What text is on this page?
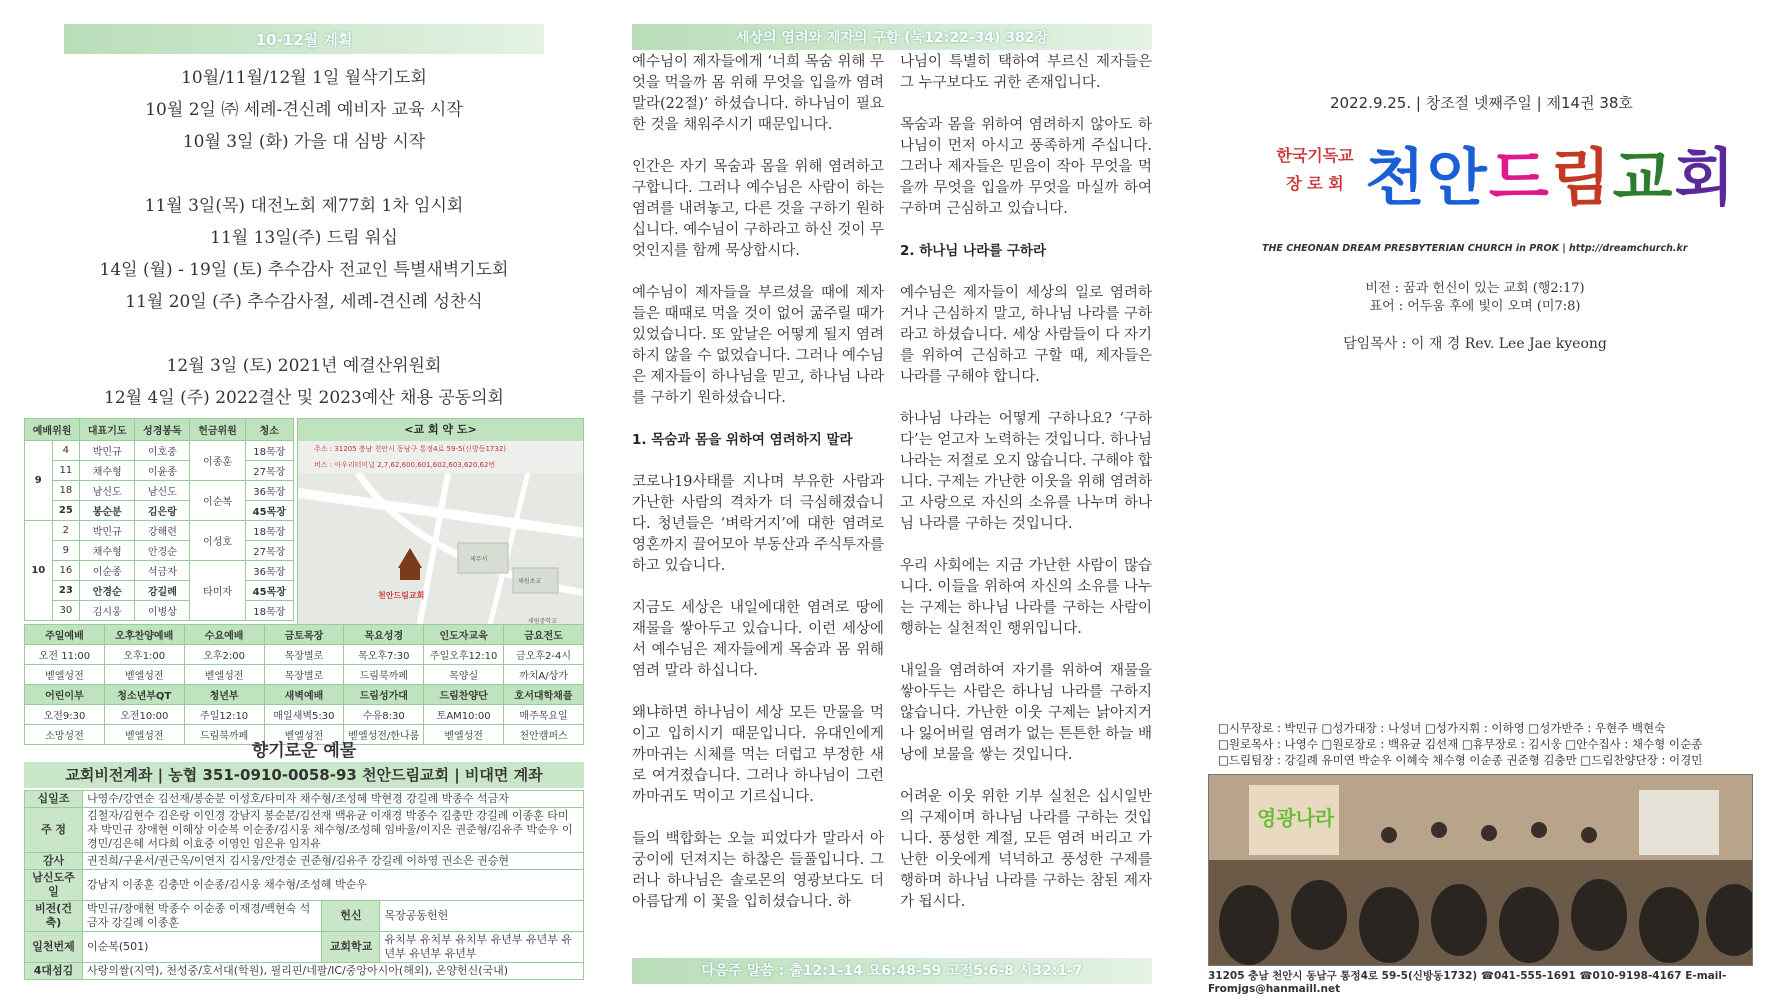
10-12월 계획
10월/11월/12월 1일 월삭기도회
10월 2일 ㈜ 세례-견신례 예비자 교육 시작
10월 3일 (화) 가을 대 심방 시작
11월 3일(목) 대전노회 제77회 1차 임시회
11월 13일(주) 드림 워십
14일 (월) - 19일 (토) 추수감사 전교인 특별새벽기도회
11월 20일 (주) 추수감사절, 세례-견신례 성찬식
12월 3일 (토) 2021년 예결산위원회
12월 4일 (주) 2022결산 및 2023예산 채용 공동의회
예배위원		대표기도	성경봉독	헌금위원	청소
9	4	박민규	이호중	이종훈	18목장
	11	채수형	이윤종		27목장
	18	남신도	남신도	이순복	36목장
	25	봉순분	김은랑		45목장
10	2	박민규	강해련	이성호	18목장
	9	채수형	안경순		27목장
	16	이순종	석금자	타미자	36목장
	23	안경순	강길례		45목장
	30	김시웅	이병상		18목장
<교 회 약 도>
주소 : 31205 충남 천안시 동남구 통정4로 59-5(신방동1732)
버스 : 아우리터미널 2,7,62,600,601,602,603,620,62번
세무서
세원초교
세림중학교
천안드림교회
주일예배	오후찬양예배	수요예배	금토목장	목요성경	인도자교육	금요전도
오전 11:00	오후1:00	오후2:00	목장별로	목오후7:30	주일오후12:10	금오후2-4시
벧엘성전	벧엘성전	벧엘성전	목장별로	드림북까페	목양실	까치A/상가
어린이부	청소년부QT	청년부	새벽예배	드림성가대	드림찬양단	호서대학채플
오전9:30	오전10:00	주일12:10	매일새벽5:30	수유8:30	토AM10:00	매주목요일
소망성전	벧엘성전	드림북까페	벧엘성전	벧엘성전/한나룸	벧엘성전	천안캠퍼스
향기로운 예물
교회비전계좌 | 농협 351-0910-0058-93 천안드림교회 | 비대면 계좌
십일조	나영수/강연순 김선재/봉순분 이성호/타미자 채수형/조성혜 박현경 강길례 박종수 석금자		
주 정	김철자/김현수 김은랑 이인경 강남지 봉순분/김선재 백유균 이재경 박종수 김충만 강길례 이종훈 타미자 박민규 장애현 이혜상 이순복 이순종/김시웅 채수형/조성혜 임바울/이지은 권준형/김유주 박순우 이경민/김은혜 서다희 이효중 이영인 임은유 임지유		
감사	권진희/구윤서/권근옥/이연지 김시웅/안경순 권준형/김유주 강길례 이하영 권소은 권승현		
남신도주일	강남지 이종훈 김충만 이순종/김시웅 채수형/조성혜 박순우		
비전(건축)	박민규/장애현 박종수 이순종 이재경/백현숙 석금자 강길례 이종훈	헌신	목장공동헌헌
일천번제	이순복(501)	교회학교	유치부 유치부 유치부 유년부 유년부 유년부 유년부 유년부
4대섬김	사랑의쌀(지역), 천성중/호서대(학원), 필리핀/네팔/IC/중앙아시아(해외), 온양헌신(국내)		
세상의 염려와 제자의 구함 (눅12:22-34) 382장

예수님이 제자들에게 ‘너희 목숨 위해 무엇을 먹을까 몸 위해 무엇을 입을까 염려 말라(22절)’ 하셨습니다. 하나님이 필요한 것을 채워주시기 때문입니다.

인간은 자기 목숨과 몸을 위해 염려하고 구합니다. 그러나 예수님은 사람이 하는 염려를 내려놓고, 다른 것을 구하기 원하십니다. 예수님이 구하라고 하신 것이 무엇인지를 함께 묵상합시다.

예수님이 제자들을 부르셨을 때에 제자들은 때때로 먹을 것이 없어 굶주릴 때가 있었습니다. 또 앞날은 어떻게 될지 염려하지 않을 수 없었습니다. 그러나 예수님은 제자들이 하나님을 믿고, 하나님 나라를 구하기 원하셨습니다.

1. 목숨과 몸을 위하여 염려하지 말라

코로나19사태를 지나며 부유한 사람과 가난한 사람의 격차가 더 극심해졌습니다. 청년들은 ‘벼락거지’에 대한 염려로 영혼까지 끌어모아 부동산과 주식투자를 하고 있습니다.

지금도 세상은 내일에대한 염려로 땅에 재물을 쌓아두고 있습니다. 이런 세상에서 예수님은 제자들에게 목숨과 몸 위해 염려 말라 하십니다.

왜냐하면 하나님이 세상 모든 만물을 먹이고 입히시기 때문입니다. 유대인에게 까마귀는 시체를 먹는 더럽고 부정한 새로 여겨졌습니다. 그러나 하나님이 그런 까마귀도 먹이고 기르십니다.

들의 백합화는 오늘 피었다가 말라서 아궁이에 던져지는 하찮은 들풀입니다. 그러나 하나님은 솔로몬의 영광보다도 더 아름답게 이 꽃을 입히셨습니다. 하

나님이 특별히 택하여 부르신 제자들은 그 누구보다도 귀한 존재입니다.

목숨과 몸을 위하여 염려하지 않아도 하나님이 먼저 아시고 풍족하게 주십니다. 그러나 제자들은 믿음이 작아 무엇을 먹을까 무엇을 입을까 무엇을 마실까 하여 구하며 근심하고 있습니다.

2. 하나님 나라를 구하라

예수님은 제자들이 세상의 일로 염려하거나 근심하지 말고, 하나님 나라를 구하라고 하셨습니다. 세상 사람들이 다 자기를 위하여 근심하고 구할 때, 제자들은 나라를 구해야 합니다.

하나님 나라는 어떻게 구하나요? ‘구하다’는 얻고자 노력하는 것입니다. 하나님 나라는 저절로 오지 않습니다. 구해야 합니다. 구제는 가난한 이웃을 위해 염려하고 사랑으로 자신의 소유를 나누며 하나님 나라를 구하는 것입니다.

우리 사회에는 지금 가난한 사람이 많습니다. 이들을 위하여 자신의 소유를 나누는 구제는 하나님 나라를 구하는 사람이 행하는 실천적인 행위입니다.

내일을 염려하여 자기를 위하여 재물을 쌓아두는 사람은 하나님 나라를 구하지 않습니다. 가난한 이웃 구제는 낡아지거나 잃어버릴 염려가 없는 튼튼한 하늘 배낭에 보물을 쌓는 것입니다.

어려운 이웃 위한 기부 실천은 십시일반의 구제이며 하나님 나라를 구하는 것입니다. 풍성한 계절, 모든 염려 버리고 가난한 이웃에게 넉넉하고 풍성한 구제를 행하며 하나님 나라를 구하는 참된 제자가 됩시다.

다음주 말씀 : 출12:1-14 요6:48-59 고전5:6-8 시32:1-7
2022.9.25. | 창조절 넷째주일 | 제14권 38호
한국기독교
장 로 회 천안드림교회
THE CHEONAN DREAM PRESBYTERIAN CHURCH in PROK | http://dreamchurch.kr
비전 : 꿈과 헌신이 있는 교회 (행2:17)
표어 : 어두움 후에 빛이 오며 (미7:8)
담임목사 : 이 재 경 Rev. Lee Jae kyeong
□시무장로 : 박민규 □성가대장 : 나성녀 □성가지휘 : 이하영 □성가반주 : 우현주 백현숙
□원로목사 : 나영수 □원로장로 : 백유균 김선재 □휴무장로 : 김시웅 □안수집사 : 채수형 이순종
□드림팀장 : 강길례 유미연 박순우 이혜숙 채수형 이순종 권준형 김충만 □드림찬양단장 : 이경민
영광나라
31205 충남 천안시 동남구 통정4로 59-5(신방동1732) ☎041-555-1691 ☎010-9198-4167 E-mail-Fromjgs@hanmaill.net
